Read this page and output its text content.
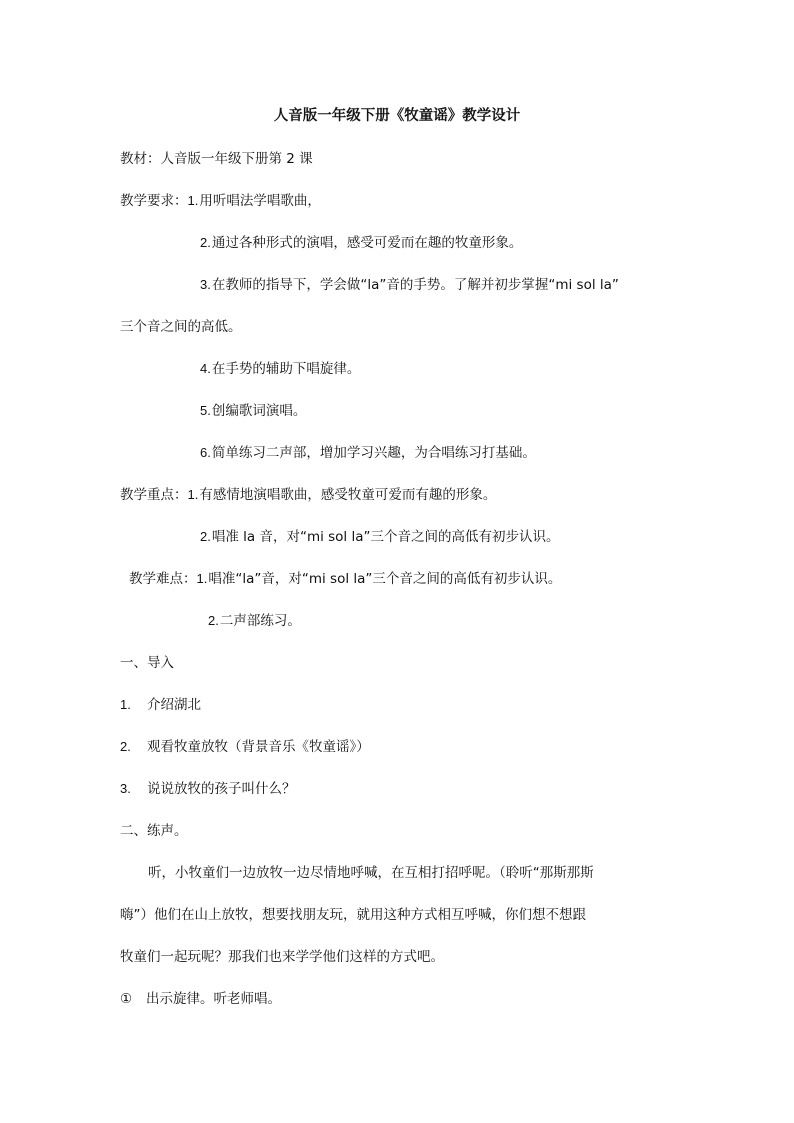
人音版一年级下册《牧童谣》教学设计
教材：人音版一年级下册第 2 课
教学要求：1.用听唱法学唱歌曲，
2.通过各种形式的演唱，感受可爱而在趣的牧童形象。
3.在教师的指导下，学会做“la”音的手势。了解并初步掌握“mi sol la”
三个音之间的高低。
4.在手势的辅助下唱旋律。
5.创编歌词演唱。
6.简单练习二声部，增加学习兴趣，为合唱练习打基础。
教学重点：1.有感情地演唱歌曲，感受牧童可爱而有趣的形象。
2.唱准 la 音，对“mi sol la”三个音之间的高低有初步认识。
教学难点：1.唱准“la”音，对“mi sol la”三个音之间的高低有初步认识。
2.二声部练习。
一、导入
1. 介绍湖北
2. 观看牧童放牧（背景音乐《牧童谣》）
3. 说说放牧的孩子叫什么？
二、练声。
听，小牧童们一边放牧一边尽情地呼喊，在互相打招呼呢。（聆听“那斯那斯
嗨”）他们在山上放牧，想要找朋友玩，就用这种方式相互呼喊，你们想不想跟
牧童们一起玩呢？那我们也来学学他们这样的方式吧。
① 出示旋律。听老师唱。
